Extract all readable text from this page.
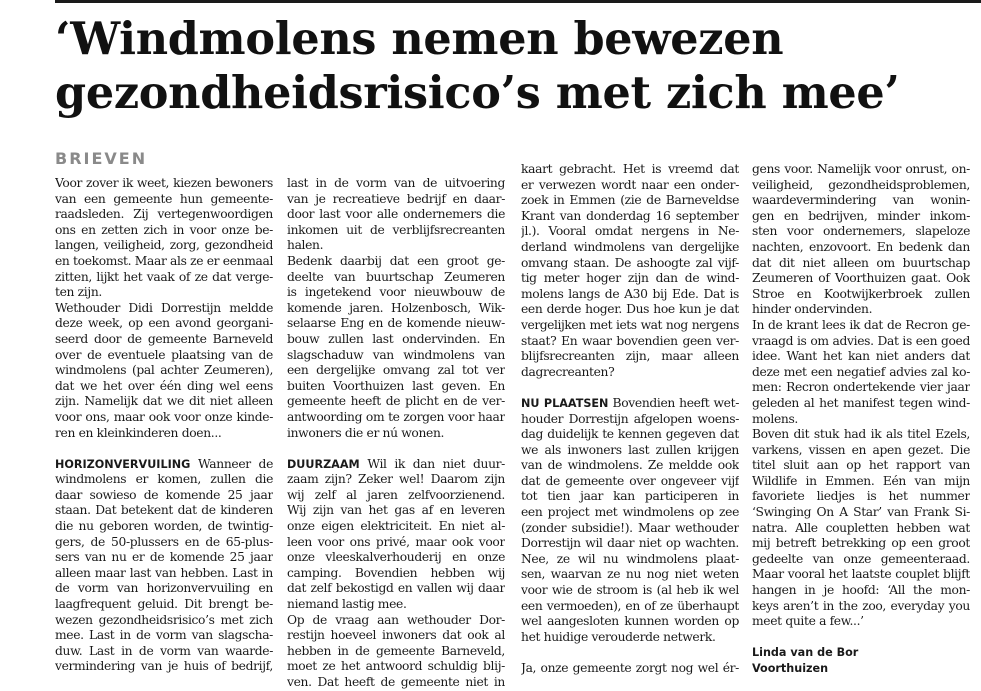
‘Windmolens nemen bewezen
gezondheidsrisico’s met zich mee’
BRIEVEN
Voor zover ik weet, kiezen bewoners
van een gemeente hun gemeente-
raadsleden. Zij vertegenwoordigen
ons en zetten zich in voor onze be-
langen, veiligheid, zorg, gezondheid
en toekomst. Maar als ze er eenmaal
zitten, lijkt het vaak of ze dat verge-
ten zijn.
Wethouder Didi Dorrestijn meldde
deze week, op een avond georgani-
seerd door de gemeente Barneveld
over de eventuele plaatsing van de
windmolens (pal achter Zeumeren),
dat we het over één ding wel eens
zijn. Namelijk dat we dit niet alleen
voor ons, maar ook voor onze kinde-
ren en kleinkinderen doen...
HORIZONVERVUILING Wanneer de
windmolens er komen, zullen die
daar sowieso de komende 25 jaar
staan. Dat betekent dat de kinderen
die nu geboren worden, de twintig-
gers, de 50-plussers en de 65-plus-
sers van nu er de komende 25 jaar
alleen maar last van hebben. Last in
de vorm van horizonvervuiling en
laagfrequent geluid. Dit brengt be-
wezen gezondheidsrisico’s met zich
mee. Last in de vorm van slagscha-
duw. Last in de vorm van waarde-
vermindering van je huis of bedrijf,
last in de vorm van de uitvoering
van je recreatieve bedrijf en daar-
door last voor alle ondernemers die
inkomen uit de verblijfsrecreanten
halen.
Bedenk daarbij dat een groot ge-
deelte van buurtschap Zeumeren
is ingetekend voor nieuwbouw de
komende jaren. Holzenbosch, Wik-
selaarse Eng en de komende nieuw-
bouw zullen last ondervinden. En
slagschaduw van windmolens van
een dergelijke omvang zal tot ver
buiten Voorthuizen last geven. En
gemeente heeft de plicht en de ver-
antwoording om te zorgen voor haar
inwoners die er nú wonen.
DUURZAAM Wil ik dan niet duur-
zaam zijn? Zeker wel! Daarom zijn
wij zelf al jaren zelfvoorzienend.
Wij zijn van het gas af en leveren
onze eigen elektriciteit. En niet al-
leen voor ons privé, maar ook voor
onze vleeskalverhouderij en onze
camping. Bovendien hebben wij
dat zelf bekostigd en vallen wij daar
niemand lastig mee.
Op de vraag aan wethouder Dor-
restijn hoeveel inwoners dat ook al
hebben in de gemeente Barneveld,
moet ze het antwoord schuldig blij-
ven. Dat heeft de gemeente niet in
kaart gebracht. Het is vreemd dat
er verwezen wordt naar een onder-
zoek in Emmen (zie de Barneveldse
Krant van donderdag 16 september
jl.). Vooral omdat nergens in Ne-
derland windmolens van dergelijke
omvang staan. De ashoogte zal vijf-
tig meter hoger zijn dan de wind-
molens langs de A30 bij Ede. Dat is
een derde hoger. Dus hoe kun je dat
vergelijken met iets wat nog nergens
staat? En waar bovendien geen ver-
blijfsrecreanten zijn, maar alleen
dagrecreanten?
NU PLAATSEN Bovendien heeft wet-
houder Dorrestijn afgelopen woens-
dag duidelijk te kennen gegeven dat
we als inwoners last zullen krijgen
van de windmolens. Ze meldde ook
dat de gemeente over ongeveer vijf
tot tien jaar kan participeren in
een project met windmolens op zee
(zonder subsidie!). Maar wethouder
Dorrestijn wil daar niet op wachten.
Nee, ze wil nu windmolens plaat-
sen, waarvan ze nu nog niet weten
voor wie de stroom is (al heb ik wel
een vermoeden), en of ze überhaupt
wel aangesloten kunnen worden op
het huidige verouderde netwerk.
Ja, onze gemeente zorgt nog wel ér-
gens voor. Namelijk voor onrust, on-
veiligheid, gezondheidsproblemen,
waardevermindering van wonin-
gen en bedrijven, minder inkom-
sten voor ondernemers, slapeloze
nachten, enzovoort. En bedenk dan
dat dit niet alleen om buurtschap
Zeumeren of Voorthuizen gaat. Ook
Stroe en Kootwijkerbroek zullen
hinder ondervinden.
In de krant lees ik dat de Recron ge-
vraagd is om advies. Dat is een goed
idee. Want het kan niet anders dat
deze met een negatief advies zal ko-
men: Recron ondertekende vier jaar
geleden al het manifest tegen wind-
molens.
Boven dit stuk had ik als titel Ezels,
varkens, vissen en apen gezet. Die
titel sluit aan op het rapport van
Wildlife in Emmen. Eén van mijn
favoriete liedjes is het nummer
‘Swinging On A Star’ van Frank Si-
natra. Alle coupletten hebben wat
mij betreft betrekking op een groot
gedeelte van onze gemeenteraad.
Maar vooral het laatste couplet blijft
hangen in je hoofd: ‘All the mon-
keys aren’t in the zoo, everyday you
meet quite a few...’
Linda van de Bor
Voorthuizen
